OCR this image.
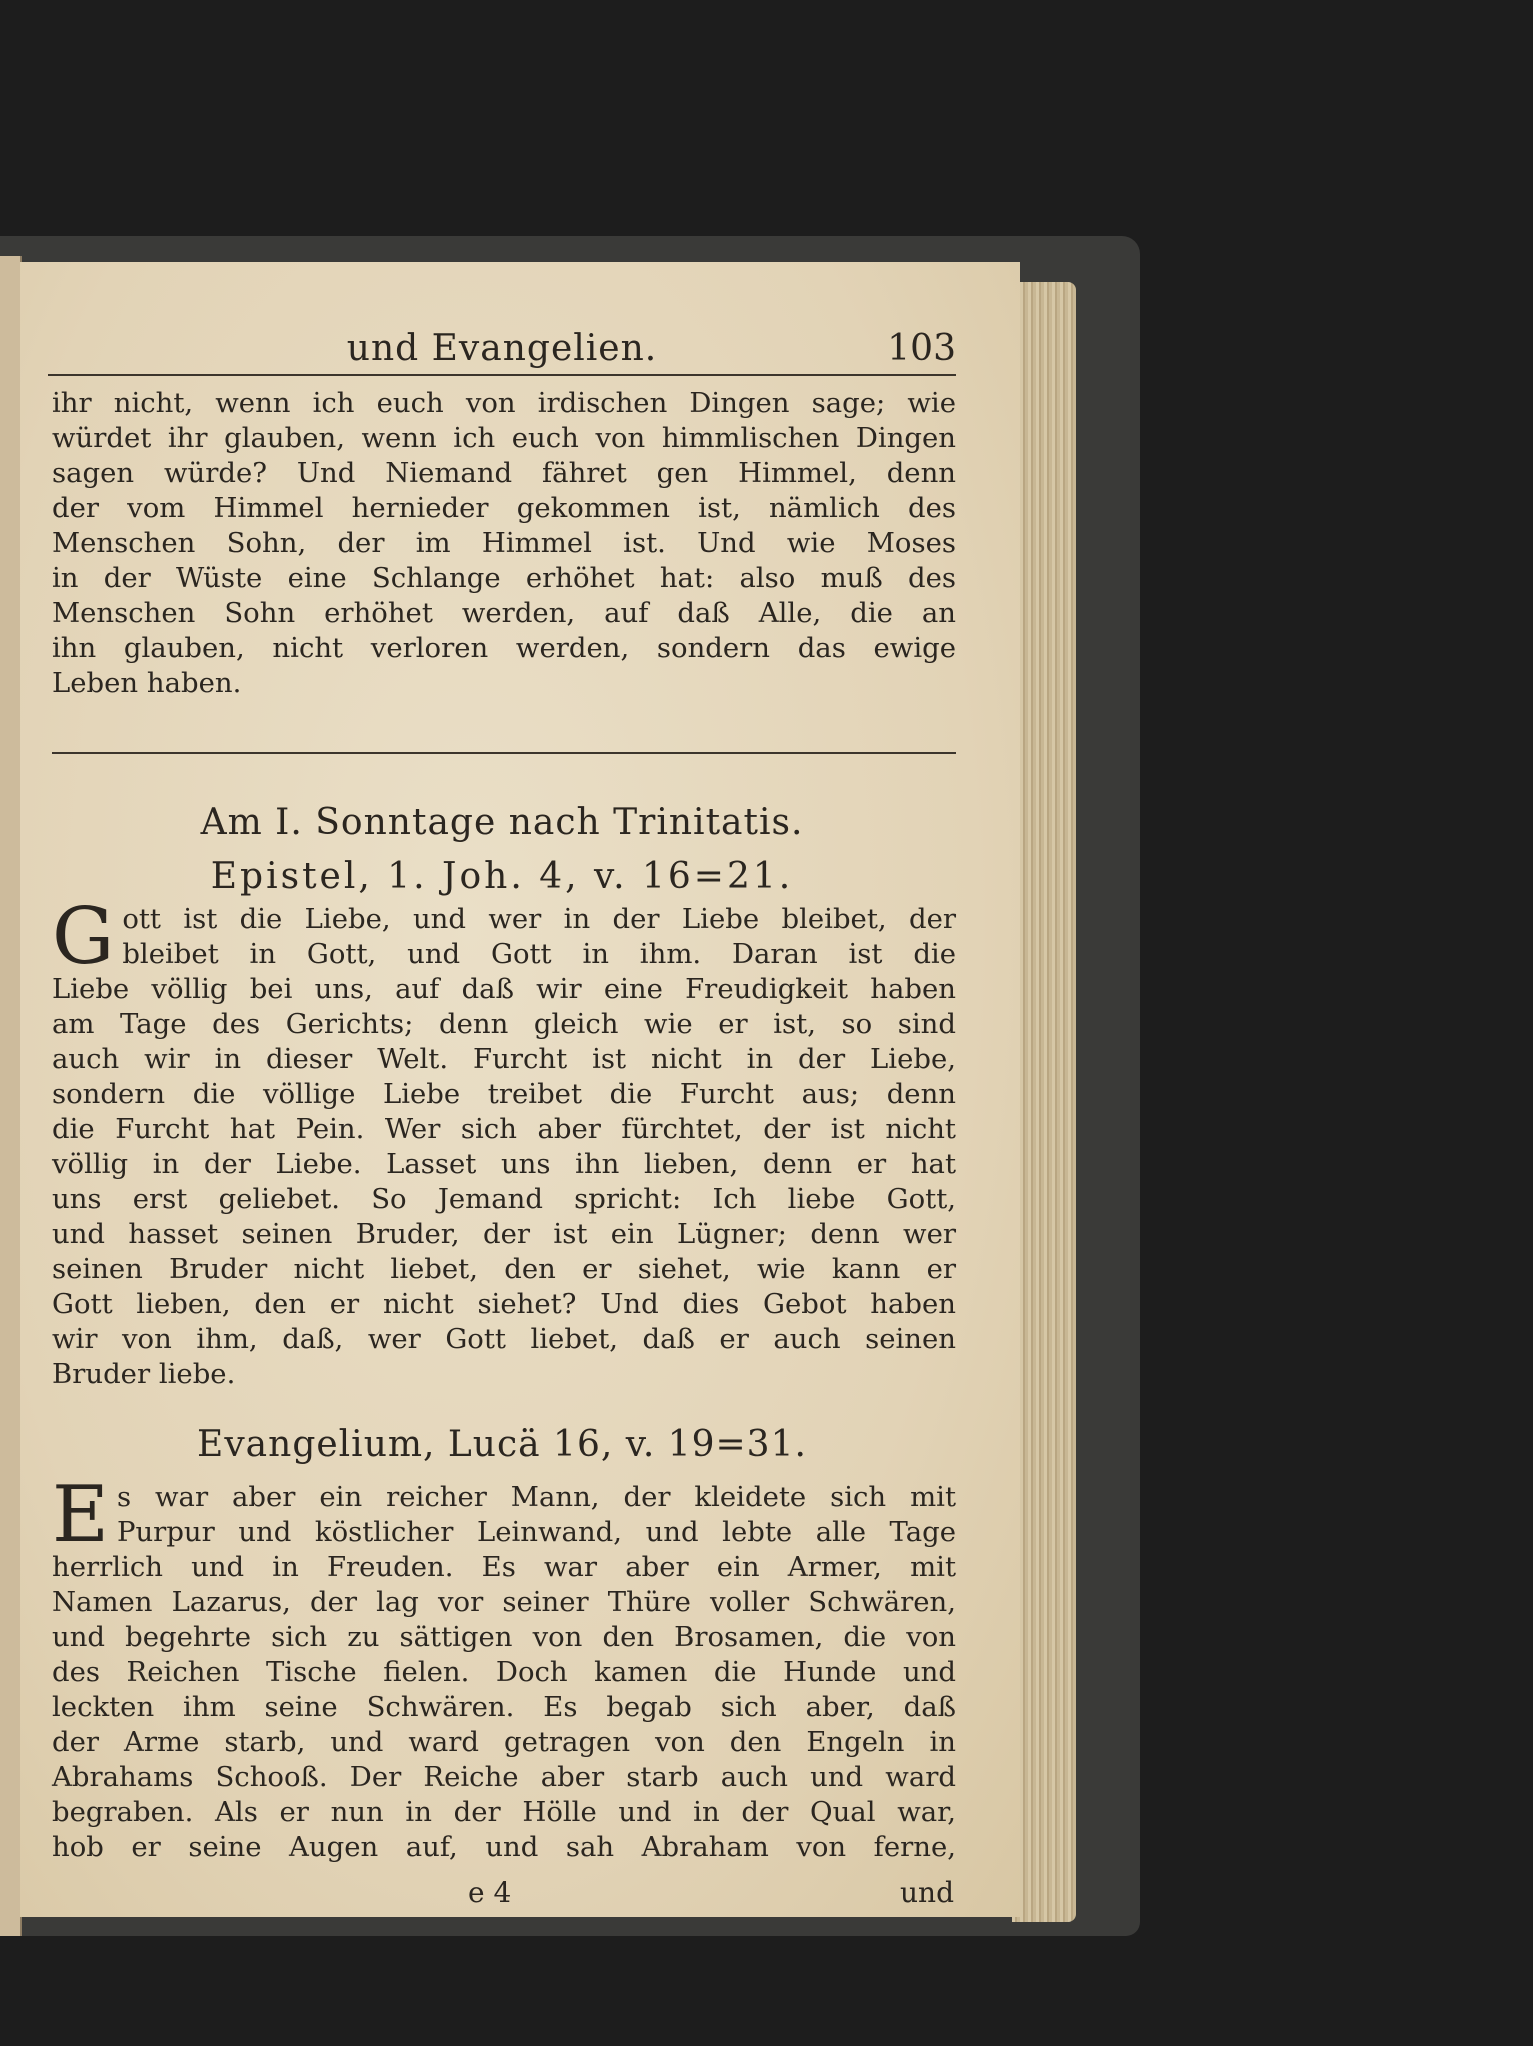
und Evangelien.	103
ihr nicht, wenn ich euch von irdischen Dingen sage; wie
würdet ihr glauben, wenn ich euch von himmlischen Dingen
sagen würde? Und Niemand fähret gen Himmel, denn
der vom Himmel hernieder gekommen ist, nämlich des
Menschen Sohn, der im Himmel ist. Und wie Moses
in der Wüste eine Schlange erhöhet hat: also muß des
Menschen Sohn erhöhet werden, auf daß Alle, die an
ihn glauben, nicht verloren werden, sondern das ewige
Leben haben.
Am I. Sonntage nach Trinitatis.
Epistel, 1. Joh. 4, v. 16=21.
G ott ist die Liebe, und wer in der Liebe bleibet, der
bleibet in Gott, und Gott in ihm. Daran ist die
Liebe völlig bei uns, auf daß wir eine Freudigkeit haben
am Tage des Gerichts; denn gleich wie er ist, so sind
auch wir in dieser Welt. Furcht ist nicht in der Liebe,
sondern die völlige Liebe treibet die Furcht aus; denn
die Furcht hat Pein. Wer sich aber fürchtet, der ist nicht
völlig in der Liebe. Lasset uns ihn lieben, denn er hat
uns erst geliebet. So Jemand spricht: Ich liebe Gott,
und hasset seinen Bruder, der ist ein Lügner; denn wer
seinen Bruder nicht liebet, den er siehet, wie kann er
Gott lieben, den er nicht siehet? Und dies Gebot haben
wir von ihm, daß, wer Gott liebet, daß er auch seinen
Bruder liebe.
Evangelium, Lucä 16, v. 19=31.
E s war aber ein reicher Mann, der kleidete sich mit
Purpur und köstlicher Leinwand, und lebte alle Tage
herrlich und in Freuden. Es war aber ein Armer, mit
Namen Lazarus, der lag vor seiner Thüre voller Schwären,
und begehrte sich zu sättigen von den Brosamen, die von
des Reichen Tische fielen. Doch kamen die Hunde und
leckten ihm seine Schwären. Es begab sich aber, daß
der Arme starb, und ward getragen von den Engeln in
Abrahams Schooß. Der Reiche aber starb auch und ward
begraben. Als er nun in der Hölle und in der Qual war,
hob er seine Augen auf, und sah Abraham von ferne,
e 4	und
